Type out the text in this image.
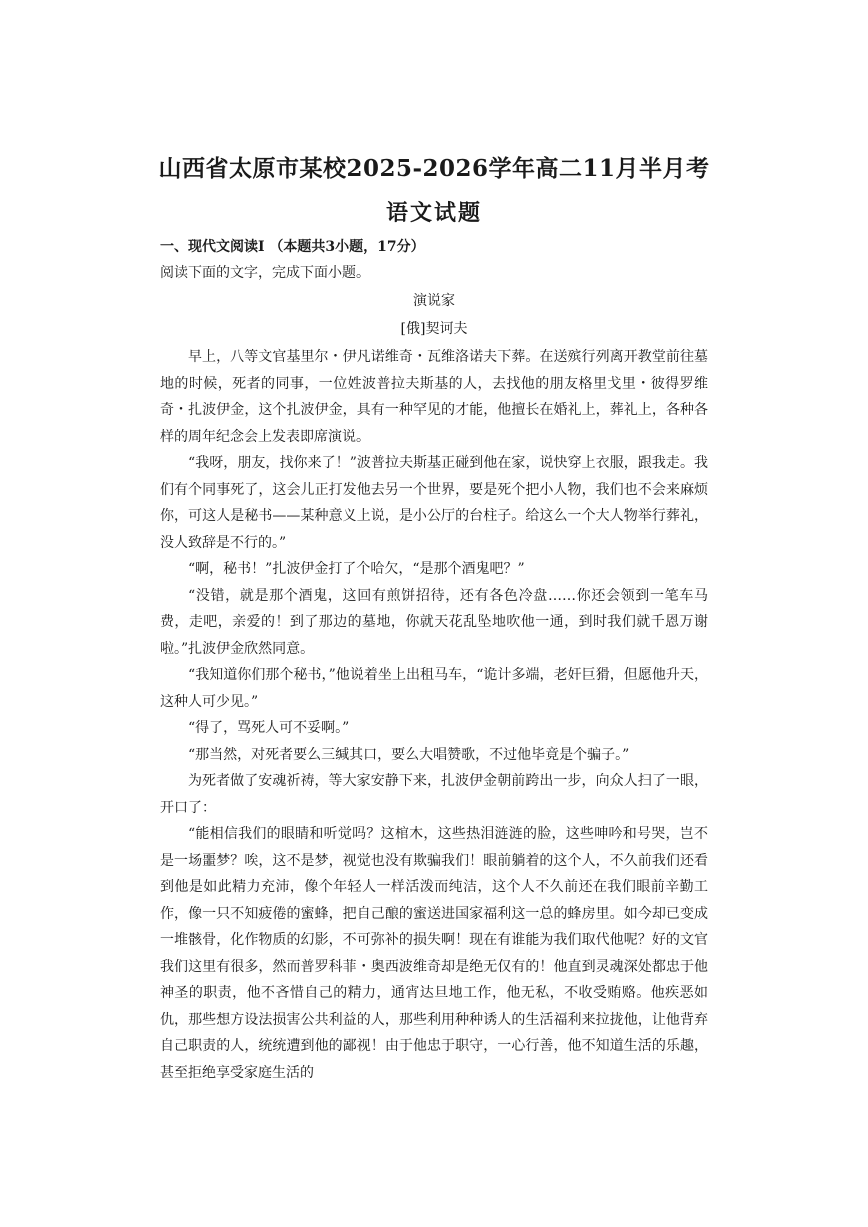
山西省太原市某校2025-2026学年高二11月半月考
语文试题
一、现代文阅读Ⅰ （本题共3小题，17分）
阅读下面的文字，完成下面小题。
演说家
[俄]契诃夫

早上，八等文官基里尔・伊凡诺维奇・瓦维洛诺夫下葬。在送殡行列离开教堂前往墓地的时候，死者的同事，一位姓波普拉夫斯基的人，去找他的朋友格里戈里・彼得罗维奇・扎波伊金，这个扎波伊金，具有一种罕见的才能，他擅长在婚礼上，葬礼上，各种各样的周年纪念会上发表即席演说。

“我呀，朋友，找你来了！”波普拉夫斯基正碰到他在家，说快穿上衣服，跟我走。我们有个同事死了，这会儿正打发他去另一个世界，要是死个把小人物，我们也不会来麻烦你，可这人是秘书——某种意义上说，是小公厅的台柱子。给这么一个大人物举行葬礼，没人致辞是不行的。”

“啊，秘书！”扎波伊金打了个哈欠，“是那个酒鬼吧？”

“没错，就是那个酒鬼，这回有煎饼招待，还有各色冷盘……你还会领到一笔车马费，走吧，亲爱的！到了那边的墓地，你就天花乱坠地吹他一通，到时我们就千恩万谢啦。”扎波伊金欣然同意。

“我知道你们那个秘书，”他说着坐上出租马车，“诡计多端，老奸巨猾，但愿他升天，这种人可少见。”

“得了，骂死人可不妥啊。”

“那当然，对死者要么三缄其口，要么大唱赞歌，不过他毕竟是个骗子。”

为死者做了安魂祈祷，等大家安静下来，扎波伊金朝前跨出一步，向众人扫了一眼，开口了：

“能相信我们的眼睛和听觉吗？这棺木，这些热泪涟涟的脸，这些呻吟和号哭，岂不是一场噩梦？唉，这不是梦，视觉也没有欺骗我们！眼前躺着的这个人，不久前我们还看到他是如此精力充沛，像个年轻人一样活泼而纯洁，这个人不久前还在我们眼前辛勤工作，像一只不知疲倦的蜜蜂，把自己酿的蜜送进国家福利这一总的蜂房里。如今却已变成一堆骸骨，化作物质的幻影，不可弥补的损失啊！现在有谁能为我们取代他呢？好的文官我们这里有很多，然而普罗科菲・奥西波维奇却是绝无仅有的！他直到灵魂深处都忠于他神圣的职责，他不吝惜自己的精力，通宵达旦地工作，他无私，不收受贿赂。他疾恶如仇，那些想方设法损害公共利益的人，那些利用种种诱人的生活福利来拉拢他，让他背弃自己职责的人，统统遭到他的鄙视！由于他忠于职守，一心行善，他不知道生活的乐趣，甚至拒绝享受家庭生活的
